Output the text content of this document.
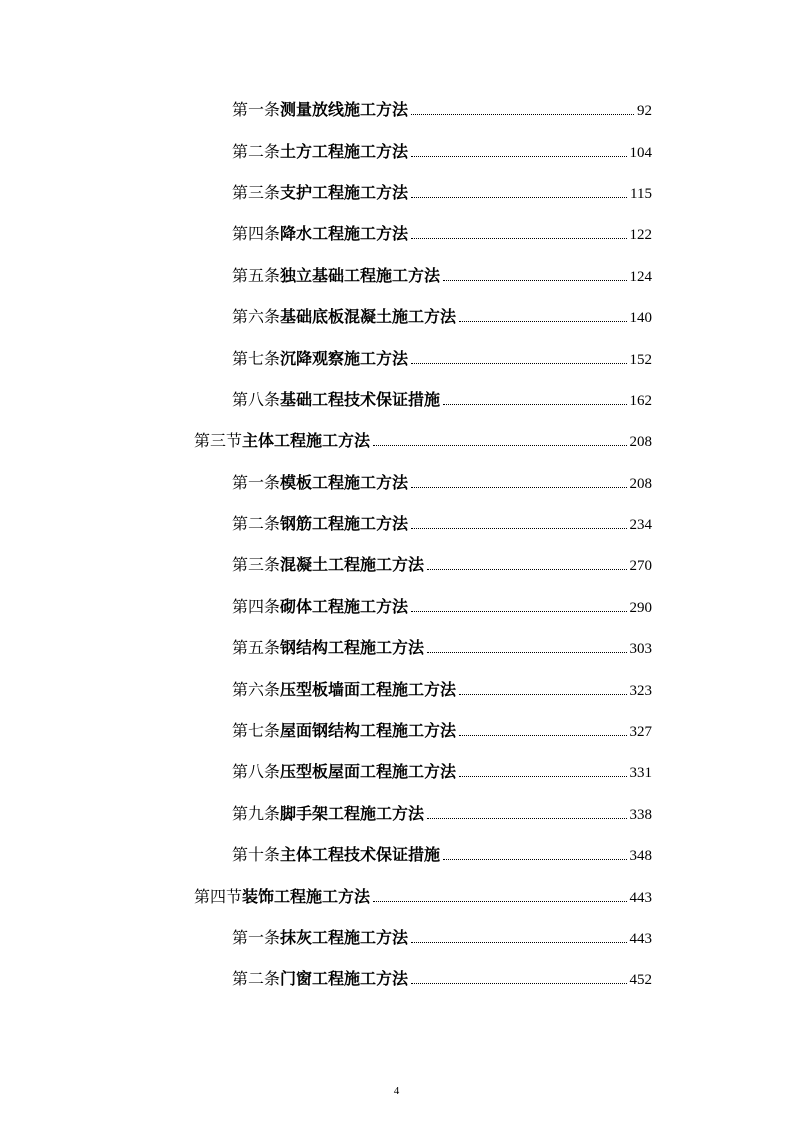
第一条 测量放线施工方法	92
第二条 土方工程施工方法	104
第三条 支护工程施工方法	115
第四条 降水工程施工方法	122
第五条 独立基础工程施工方法	124
第六条 基础底板混凝土施工方法	140
第七条 沉降观察施工方法	152
第八条 基础工程技术保证措施	162
第三节 主体工程施工方法	208
第一条 模板工程施工方法	208
第二条 钢筋工程施工方法	234
第三条 混凝土工程施工方法	270
第四条 砌体工程施工方法	290
第五条 钢结构工程施工方法	303
第六条 压型板墙面工程施工方法	323
第七条 屋面钢结构工程施工方法	327
第八条 压型板屋面工程施工方法	331
第九条 脚手架工程施工方法	338
第十条 主体工程技术保证措施	348
第四节 装饰工程施工方法	443
第一条 抹灰工程施工方法	443
第二条 门窗工程施工方法	452
4
